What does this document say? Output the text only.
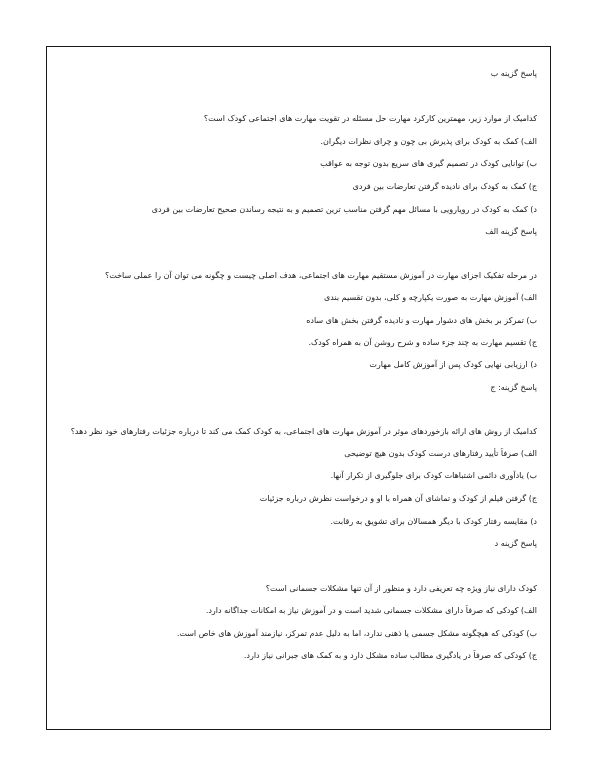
پاسخ گزینه ب
کدامیک از موارد زیر، مهمترین کارکرد مهارت حل مسئله در تقویت مهارت های اجتماعی کودک است؟
الف) کمک به کودک برای پذیرش بی چون و چرای نظرات دیگران.
ب) توانایی کودک در تصمیم گیری های سریع بدون توجه به عواقب
ج) کمک به کودک برای نادیده گرفتن تعارضات بین فردی
د) کمک به کودک در رویارویی با مسائل مهم گرفتن مناسب ترین تصمیم و به نتیجه رساندن صحیح تعارضات بین فردی
پاسخ گزینه الف
در مرحله تفکیک اجزای مهارت در آموزش مستقیم مهارت های اجتماعی، هدف اصلی چیست و چگونه می توان آن را عملی ساخت؟
الف) آموزش مهارت به صورت یکپارچه و کلی، بدون تقسیم بندی
ب) تمرکز بر بخش های دشوار مهارت و نادیده گرفتن بخش های ساده
ج) تقسیم مهارت به چند جزء ساده و شرح روشن آن به همراه کودک.
د) ارزیابی نهایی کودک پس از آموزش کامل مهارت
پاسخ گزینه: ج
کدامیک از روش های ارائه بازخوردهای موثر در آموزش مهارت های اجتماعی، به کودک کمک می کند تا درباره جزئیات رفتارهای خود نظر دهد؟
الف) صرفاً تأیید رفتارهای درست کودک بدون هیچ توضیحی
ب) یادآوری دائمی اشتباهات کودک برای جلوگیری از تکرار آنها.
ج) گرفتن فیلم از کودک و تماشای آن همراه با او و درخواست نظرش درباره جزئیات
د) مقایسه رفتار کودک با دیگر همسالان برای تشویق به رقابت.
پاسخ گزینه د
کودک دارای نیاز ویژه چه تعریفی دارد و منظور از آن تنها مشکلات جسمانی است؟
الف) کودکی که صرفاً دارای مشکلات جسمانی شدید است و در آموزش نیاز به امکانات جداگانه دارد.
ب) کودکی که هیچگونه مشکل جسمی یا ذهنی ندارد، اما به دلیل عدم تمرکز، نیازمند آموزش های خاص است.
ج) کودکی که صرفاً در یادگیری مطالب ساده مشکل دارد و به کمک های جبرانی نیاز دارد.
